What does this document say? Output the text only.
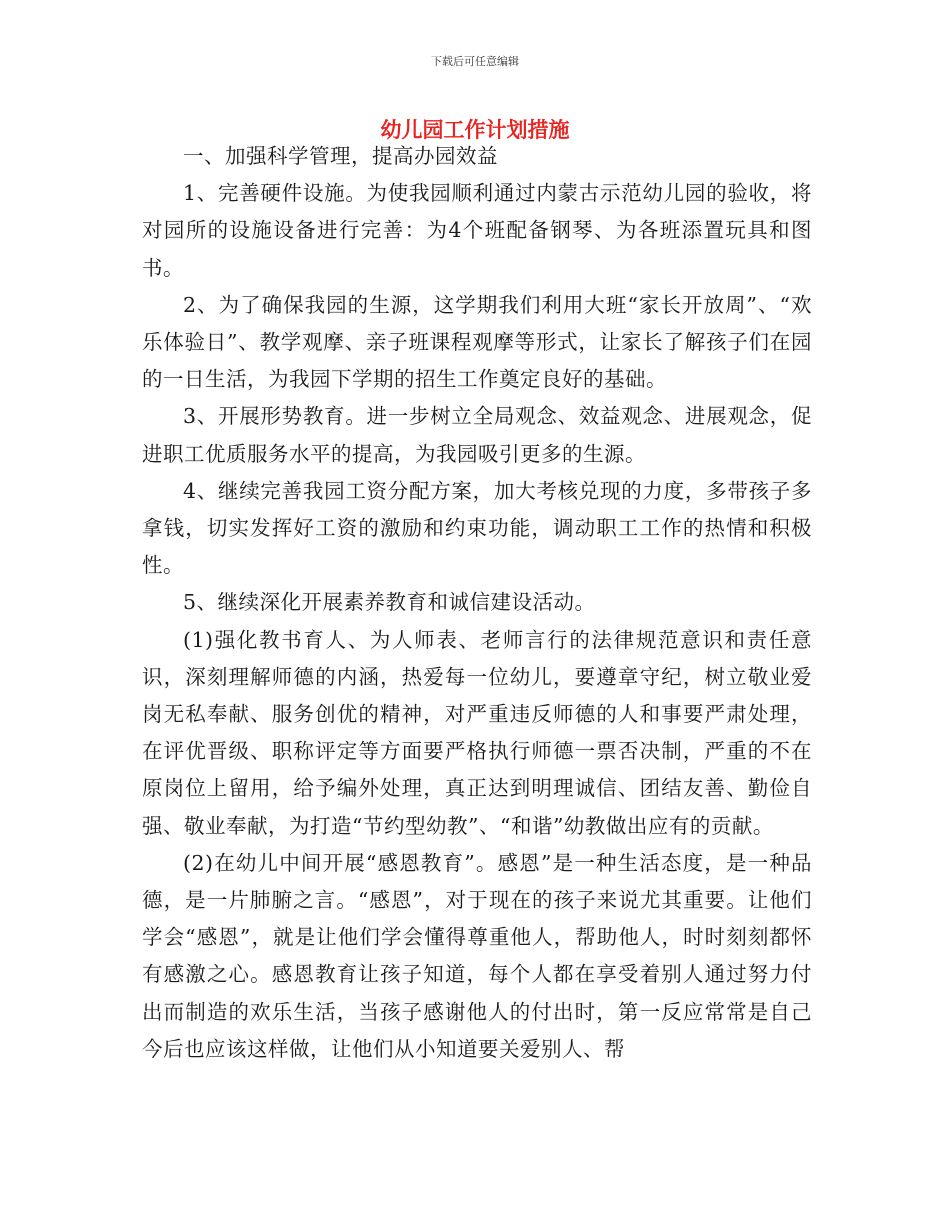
下载后可任意编辑
幼儿园工作计划措施

一、加强科学管理，提高办园效益

1、完善硬件设施。为使我园顺利通过内蒙古示范幼儿园的验收，将对园所的设施设备进行完善：为4个班配备钢琴、为各班添置玩具和图书。

2、为了确保我园的生源，这学期我们利用大班“家长开放周”、“欢乐体验日”、教学观摩、亲子班课程观摩等形式，让家长了解孩子们在园的一日生活，为我园下学期的招生工作奠定良好的基础。

3、开展形势教育。进一步树立全局观念、效益观念、进展观念，促进职工优质服务水平的提高，为我园吸引更多的生源。

4、继续完善我园工资分配方案，加大考核兑现的力度，多带孩子多拿钱，切实发挥好工资的激励和约束功能，调动职工工作的热情和积极性。

5、继续深化开展素养教育和诚信建设活动。

(1)强化教书育人、为人师表、老师言行的法律规范意识和责任意识，深刻理解师德的内涵，热爱每一位幼儿，要遵章守纪，树立敬业爱岗无私奉献、服务创优的精神，对严重违反师德的人和事要严肃处理，在评优晋级、职称评定等方面要严格执行师德一票否决制，严重的不在原岗位上留用，给予编外处理，真正达到明理诚信、团结友善、勤俭自强、敬业奉献，为打造“节约型幼教”、“和谐”幼教做出应有的贡献。

(2)在幼儿中间开展“感恩教育”。感恩”是一种生活态度，是一种品德，是一片肺腑之言。“感恩”，对于现在的孩子来说尤其重要。让他们学会“感恩”，就是让他们学会懂得尊重他人，帮助他人，时时刻刻都怀有感激之心。感恩教育让孩子知道，每个人都在享受着别人通过努力付出而制造的欢乐生活，当孩子感谢他人的付出时，第一反应常常是自己今后也应该这样做，让他们从小知道要关爱别人、帮
